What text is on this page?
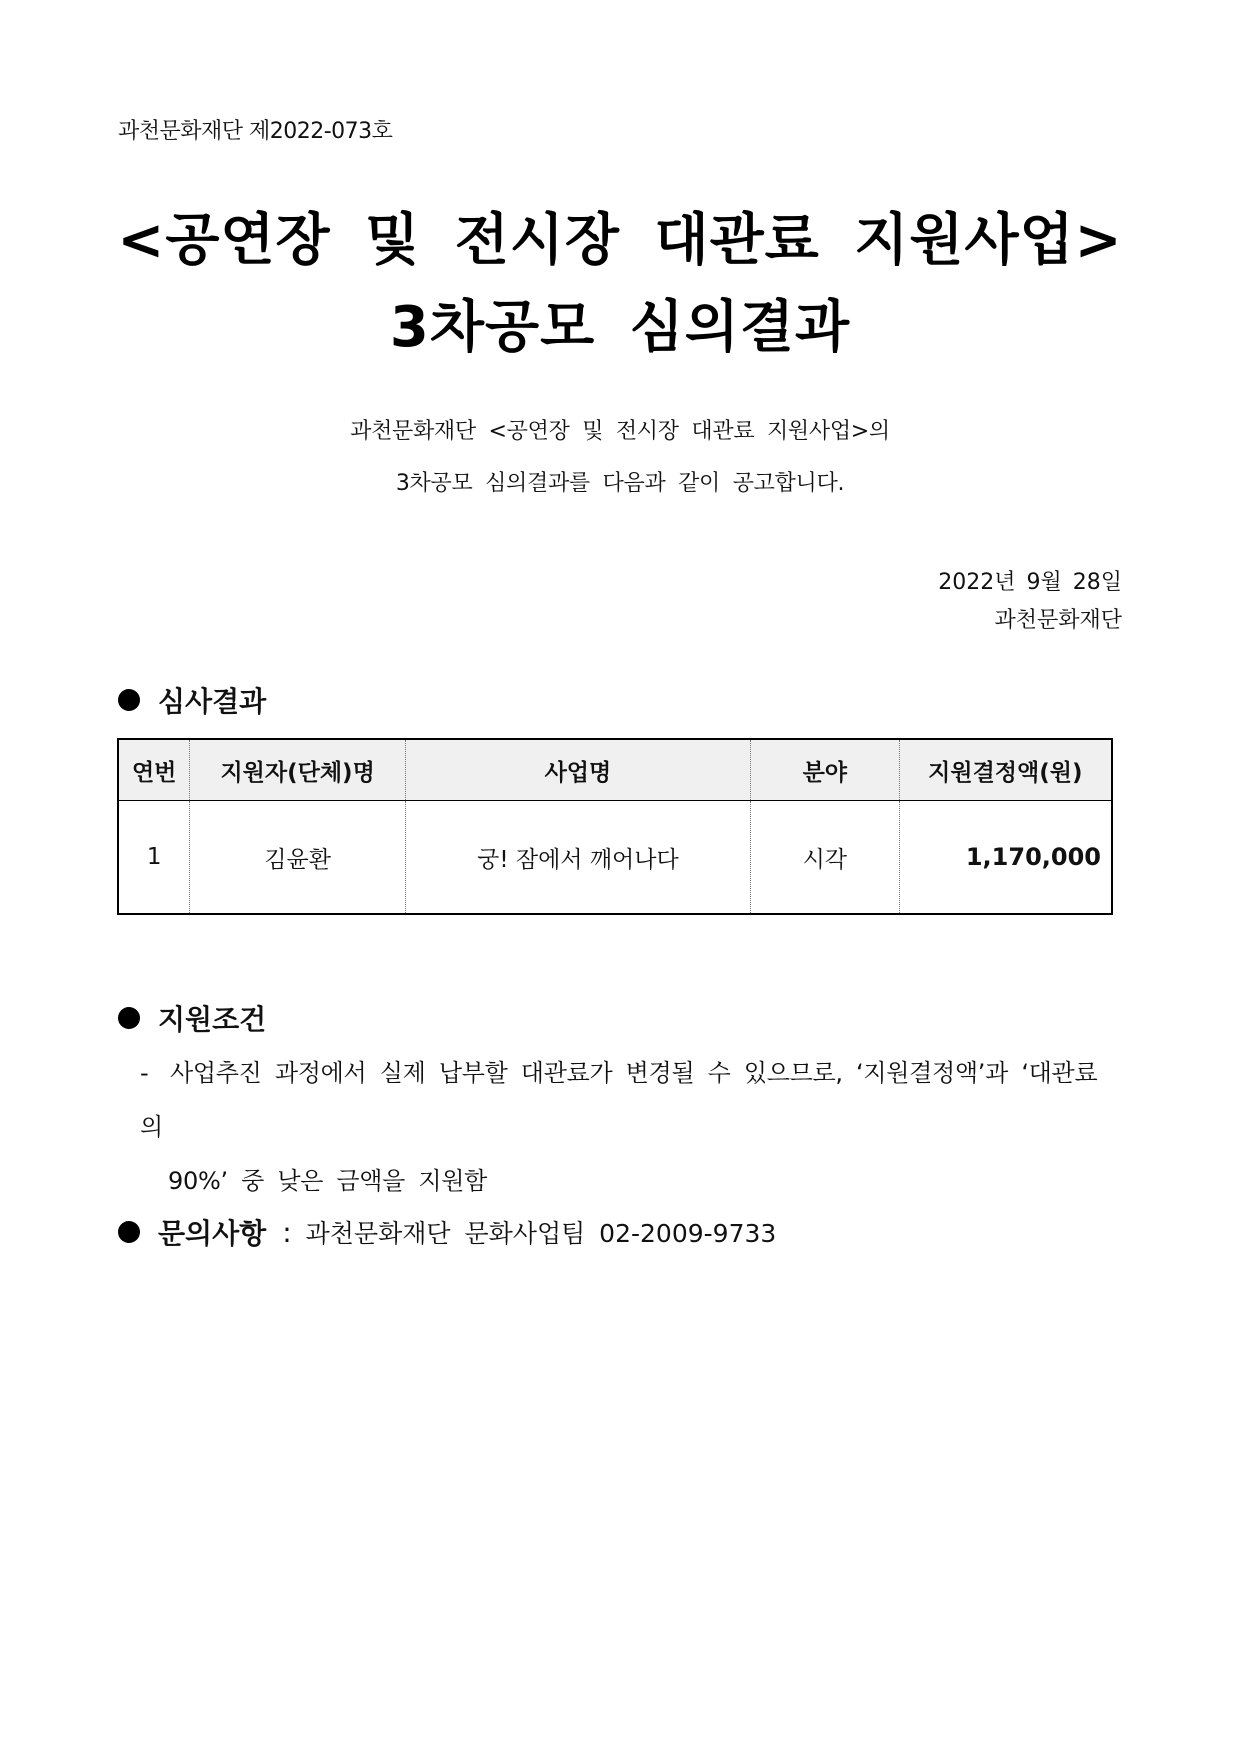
과천문화재단 제2022-073호
<공연장 및 전시장 대관료 지원사업>
3차공모 심의결과
과천문화재단 <공연장 및 전시장 대관료 지원사업>의
3차공모 심의결과를 다음과 같이 공고합니다.
2022년 9월 28일
과천문화재단
심사결과
연번	지원자(단체)명	사업명	분야	지원결정액(원)
1	김윤환	궁! 잠에서 깨어나다	시각	1,170,000
지원조건
- 사업추진 과정에서 실제 납부할 대관료가 변경될 수 있으므로, ‘지원결정액’과 ‘대관료의
90%’ 중 낮은 금액을 지원함
문의사항 : 과천문화재단 문화사업팀 02-2009-9733
